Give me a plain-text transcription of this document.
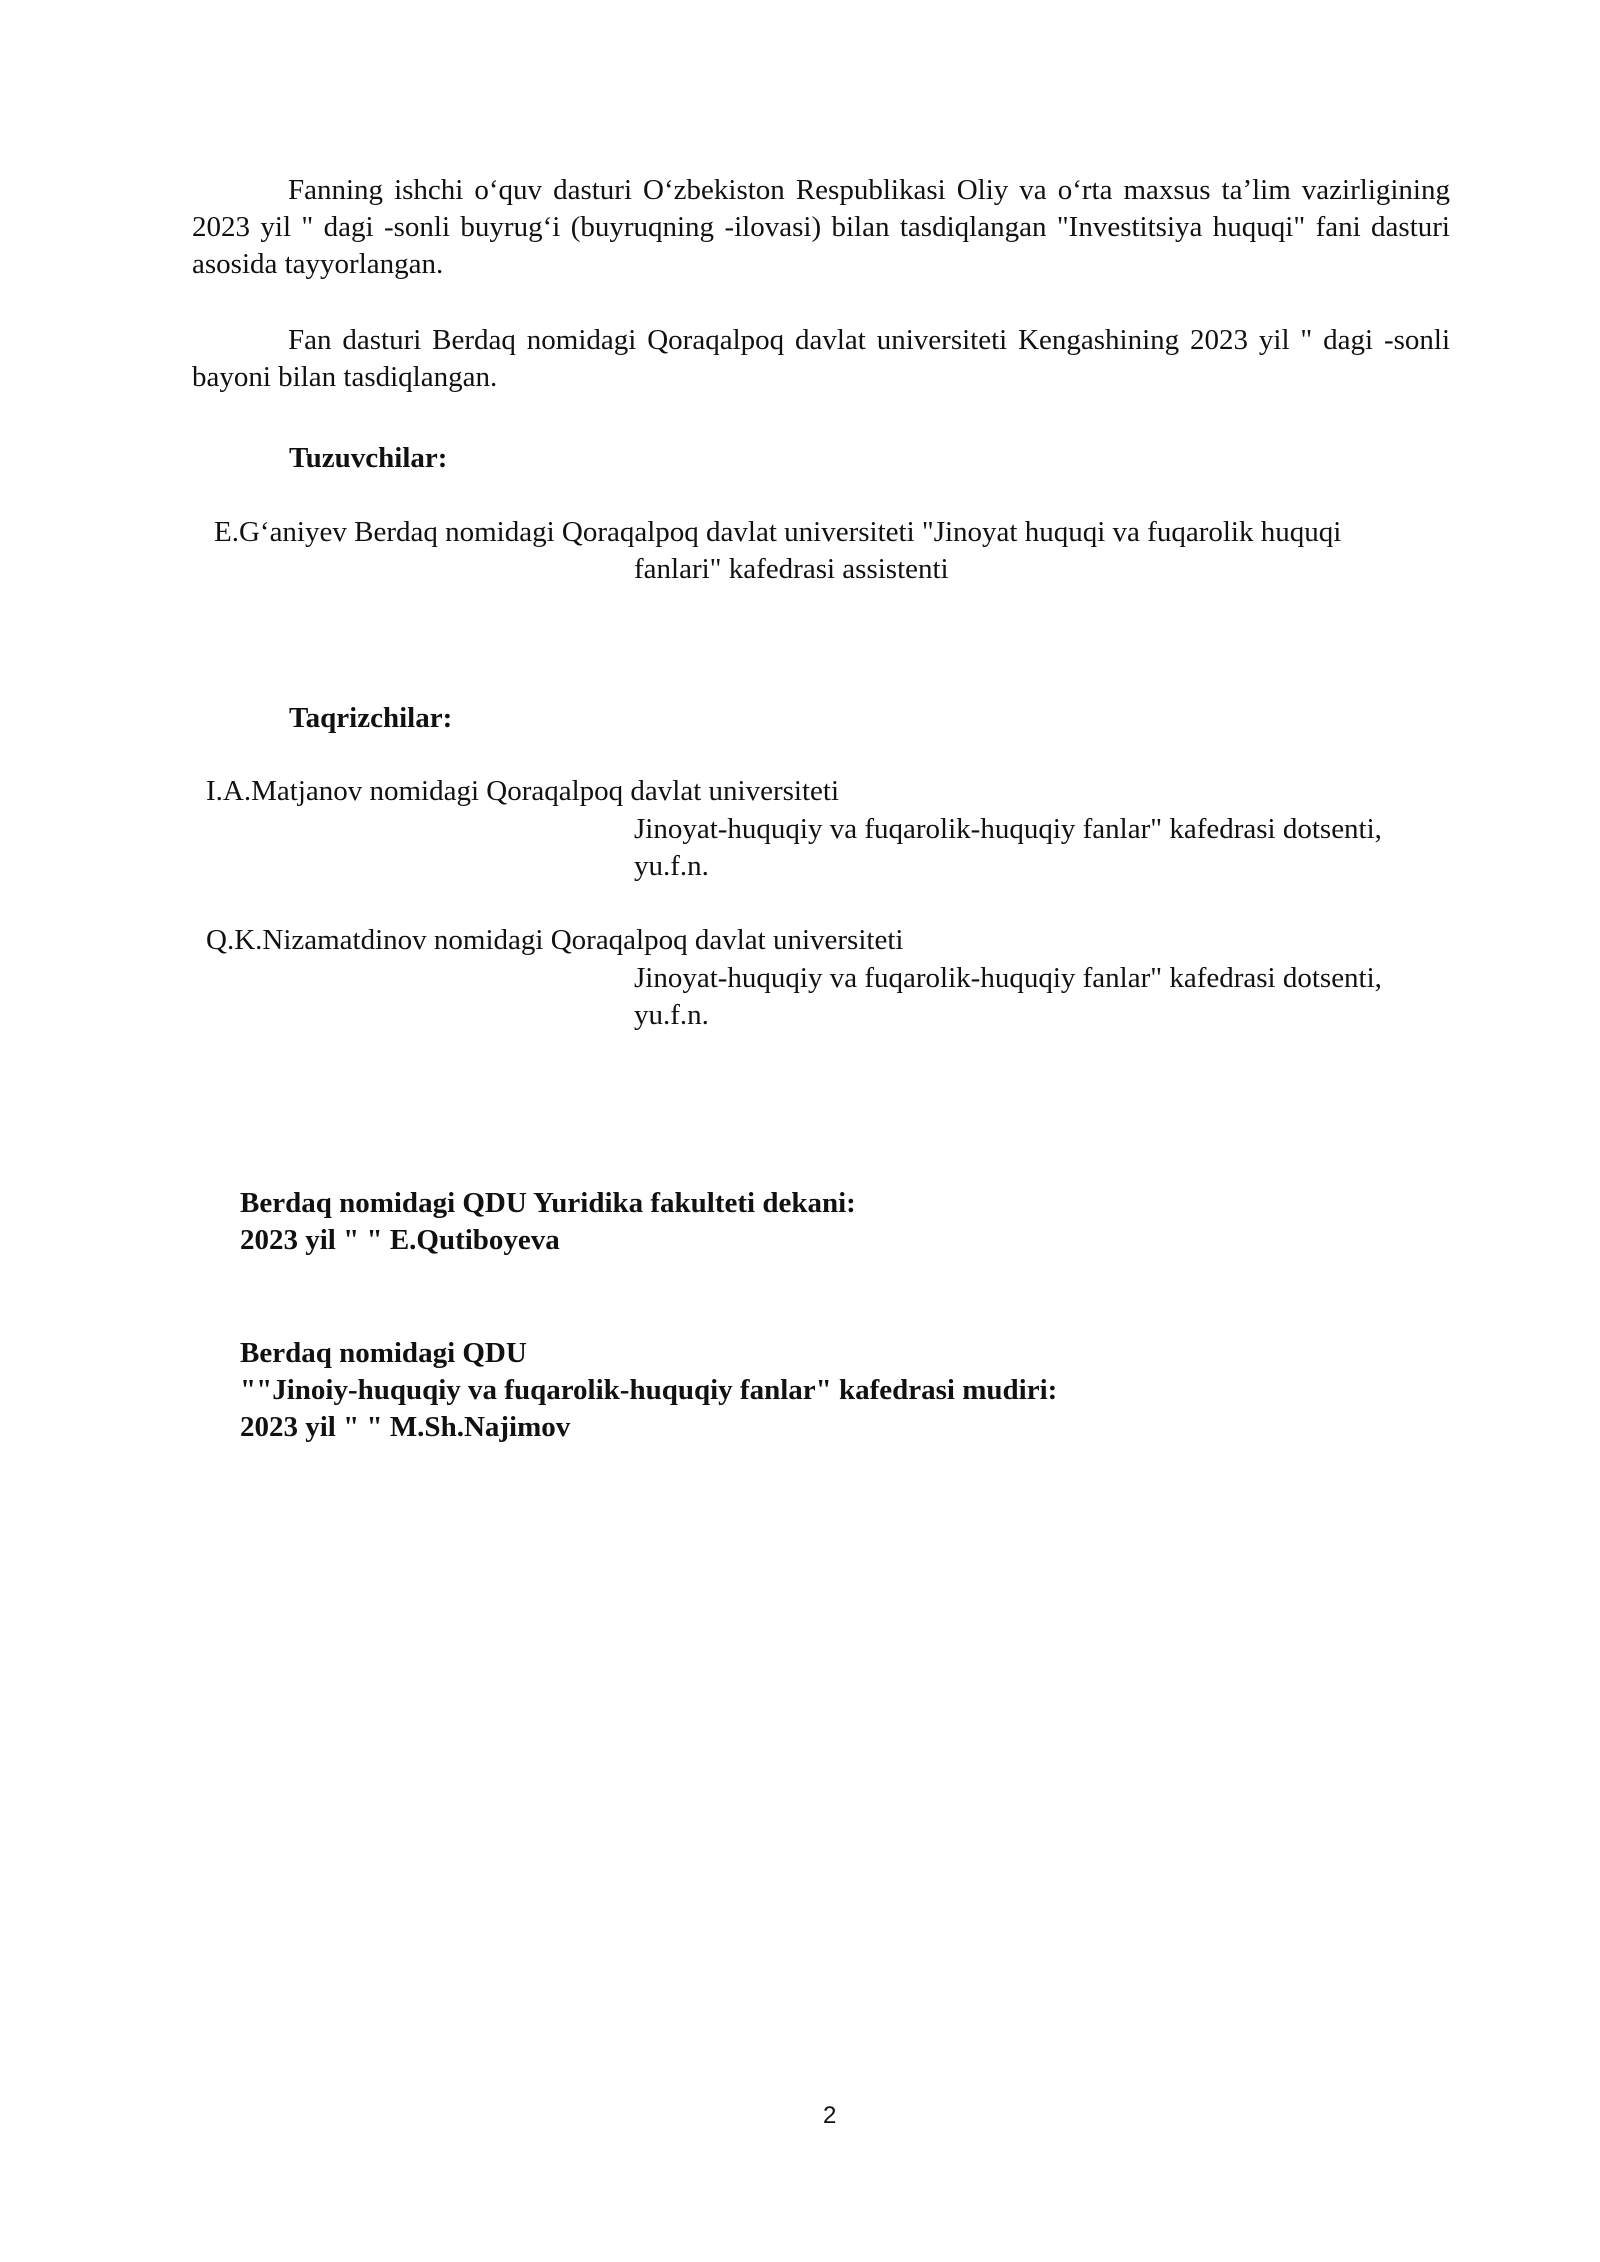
Fanning ishchi o‘quv dasturi O‘zbekiston Respublikasi Oliy va o‘rta maxsus ta’lim vazirligining 2023 yil " dagi -sonli buyrug‘i (buyruqning -ilovasi) bilan tasdiqlangan "Investitsiya huquqi" fani dasturi asosida tayyorlangan.

Fan dasturi Berdaq nomidagi Qoraqalpoq davlat universiteti Kengashining 2023 yil " dagi -sonli bayoni bilan tasdiqlangan.

Tuzuvchilar:
E.G‘aniyev Berdaq nomidagi Qoraqalpoq davlat universiteti "Jinoyat huquqi va fuqarolik huquqi
fanlari" kafedrasi assistenti
Taqrizchilar:
I.A.Matjanov nomidagi Qoraqalpoq davlat universiteti
Jinoyat-huquqiy va fuqarolik-huquqiy fanlar" kafedrasi dotsenti,
yu.f.n.
Q.K.Nizamatdinov nomidagi Qoraqalpoq davlat universiteti
Jinoyat-huquqiy va fuqarolik-huquqiy fanlar" kafedrasi dotsenti,
yu.f.n.
Berdaq nomidagi QDU Yuridika fakulteti dekani:
2023 yil " " E.Qutiboyeva
Berdaq nomidagi QDU
""Jinoiy-huquqiy va fuqarolik-huquqiy fanlar" kafedrasi mudiri:
2023 yil " " M.Sh.Najimov
2
